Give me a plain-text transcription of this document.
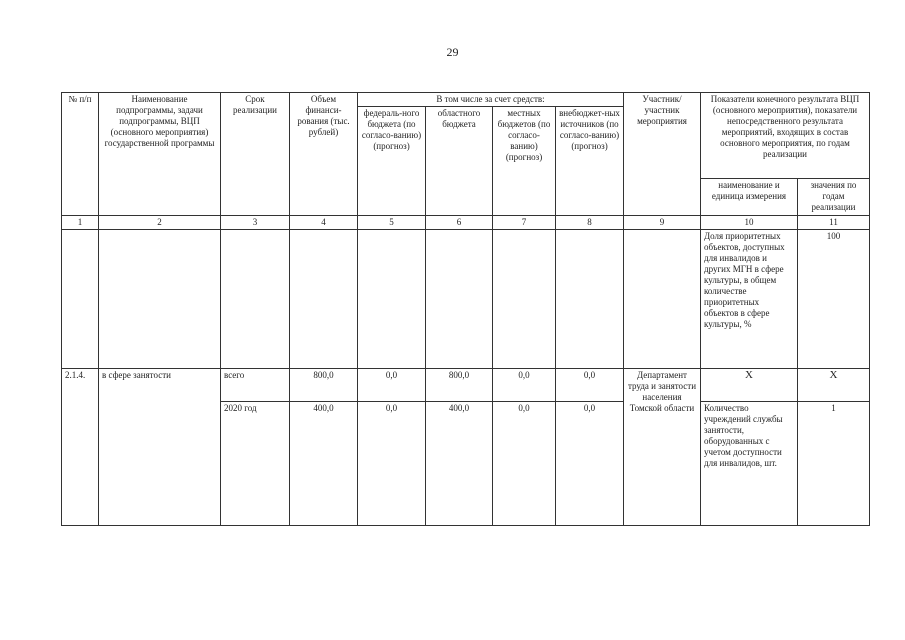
29
№ п/п	Наименование подпрограммы, задачи подпрограммы, ВЦП (основного мероприятия) государственной программы	Срок реализации	Объем финанси-рования (тыс. рублей)	В том числе за счет средств:				Участник/ участник мероприятия	Показатели конечного результата ВЦП (основного мероприятия), показатели непосредственного результата мероприятий, входящих в состав основного мероприятия, по годам реализации	
				федераль-ного бюджета (по согласо-ванию) (прогноз)	областного бюджета	местных бюджетов (по согласо-ванию) (прогноз)	внебюджет-ных источников (по согласо-ванию) (прогноз)			
									наименование и единица измерения	значения по годам реализации
1	2	3	4	5	6	7	8	9	10	11
									Доля приоритетных объектов, доступных для инвалидов и других МГН в сфере культуры, в общем количестве приоритетных объектов в сфере культуры, %	100
2.1.4.	в сфере занятости	всего	800,0	0,0	800,0	0,0	0,0	Департамент труда и занятости населения Томской области	Х	Х
		2020 год	400,0	0,0	400,0	0,0	0,0		Количество учреждений службы занятости, оборудованных с учетом доступности для инвалидов, шт.	1
